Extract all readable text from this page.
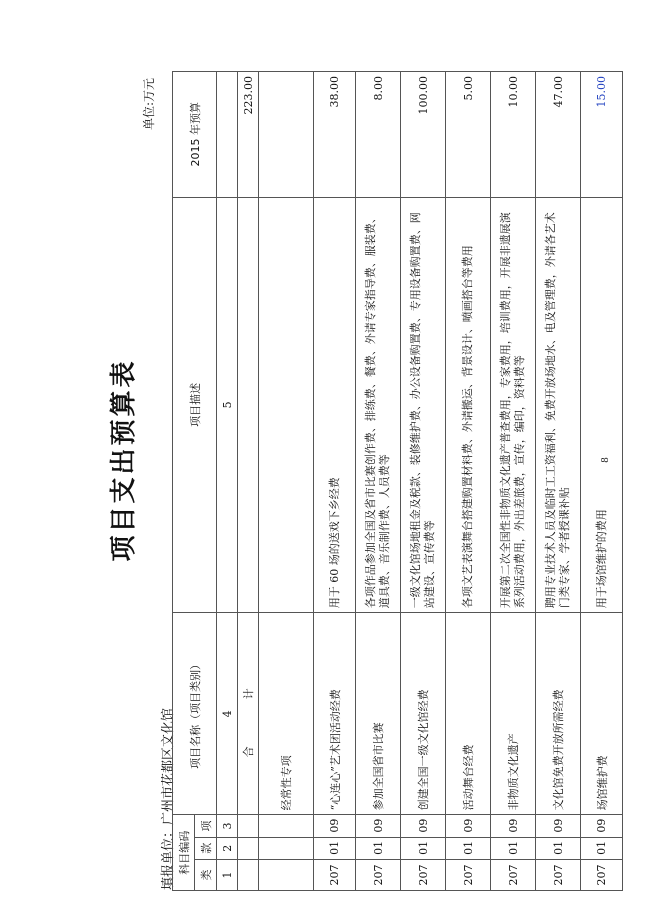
项目支出预算表
单位:万元
填报单位：广州市花都区文化馆 科目编码			项目名称（项目类别）	项目描述	2015 年预算
类	款	项			
1	2	3	4	5	
			合　计		223.00
			经常性专项		
207	01	09	“心连心”艺术团活动经费	用于 60 场的送戏下乡经费	38.00
207	01	09	参加全国省市比赛	各项作品参加全国及省市比赛创作费、排练费、餐费、外请专家指导费、服装费、道具费、音乐制作费、人员费等	8.00
207	01	09	创建全国一级文化馆经费	一级文化馆场地租金及税款、装修维护费、办公设备购置费、专用设备购置费、网站建设、宣传费等	100.00
207	01	09	活动舞台经费	各项文艺表演舞台搭建购置材料费、外请搬运、背景设计、喷画搭台等费用	5.00
207	01	09	非物质文化遗产	开展第二次全国性非物质文化遗产普查费用，专家费用，培训费用，开展非遗展演系列活动费用，外出差旅费，宣传，编印，资料费等	10.00
207	01	09	文化馆免费开放所需经费	聘用专业技术人员及临时工工资福利、免费开放场地水、电及管理费，外请各艺术门类专家、学者授课补贴	47.00
207	01	09	场馆维护费	用于场馆维护的费用	15.00
8
